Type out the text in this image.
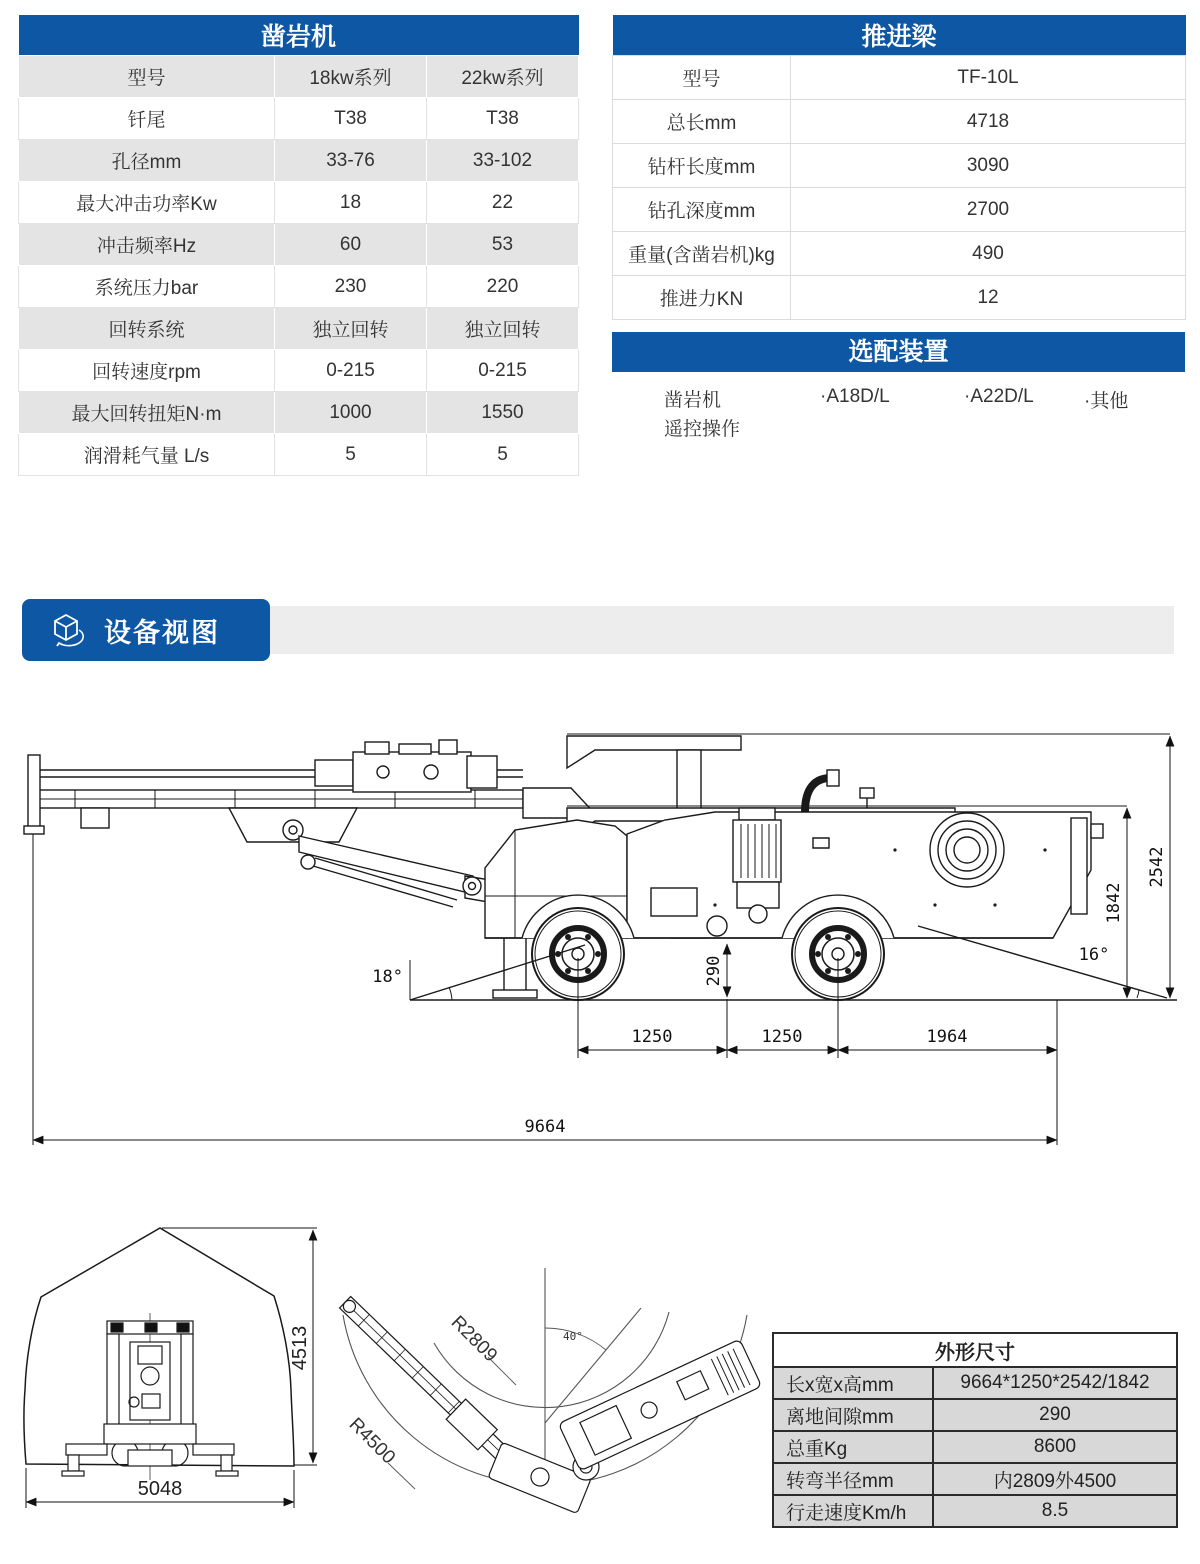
凿岩机		
型号	18kw系列	22kw系列
钎尾	T38	T38
孔径mm	33-76	33-102
最大冲击功率Kw	18	22
冲击频率Hz	60	53
系统压力bar	230	220
回转系统	独立回转	独立回转
回转速度rpm	0-215	0-215
最大回转扭矩N·m	1000	1550
润滑耗气量 L/s	5	5
推进梁	
型号	TF-10L
总长mm	4718
钻杆长度mm	3090
钻孔深度mm	2700
重量(含凿岩机)kg	490
推进力KN	12
选配装置
凿岩机
遥控操作
·A18D/L	·A22D/L	·其他
设备视图
1250	1250	1964
9664
2542
1842
290
18°
16°
4513
5048
R2809
R4500
40°
外形尺寸	
长x宽x高mm	9664*1250*2542/1842
离地间隙mm	290
总重Kg	8600
转弯半径mm	内2809外4500
行走速度Km/h	8.5
